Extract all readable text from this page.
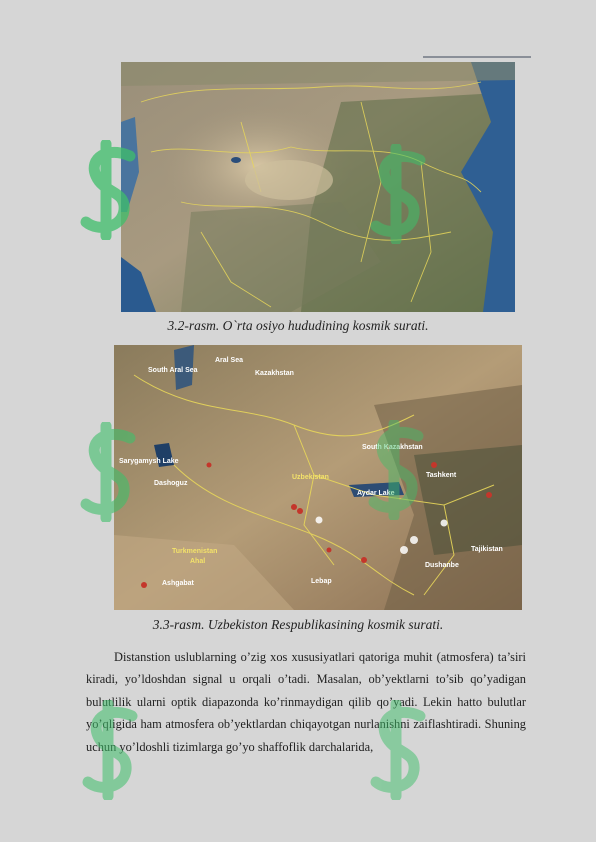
3.2-rasm. O`rta osiyo hududining kosmik surati.
Aral Sea
South Aral Sea	Kazakhstan
Sarygamysh Lake
Dashoguz
Uzbekistan
South Kazakhstan
Aydar Lake
Tashkent
Turkmenistan
Ahal
Tajikistan
Dushanbe
Ashgabat	Lebap
3.3-rasm. Uzbekiston Respublikasining kosmik surati.

Distanstion uslublarning o’zig xos xususiyatlari qatoriga muhit (atmosfera) ta’siri kiradi, yo’ldoshdan signal u orqali o’tadi. Masalan, ob’yektlarni to’sib qo’yadigan bulutlilik ularni optik diapazonda ko’rinmaydigan qilib qo’yadi. Lekin hatto bulutlar yo’qligida ham atmosfera ob’yektlardan chiqayotgan nurlanishni zaiflashtiradi. Shuning uchun yo’ldoshli tizimlarga go’yo shaffoflik darchalarida,
